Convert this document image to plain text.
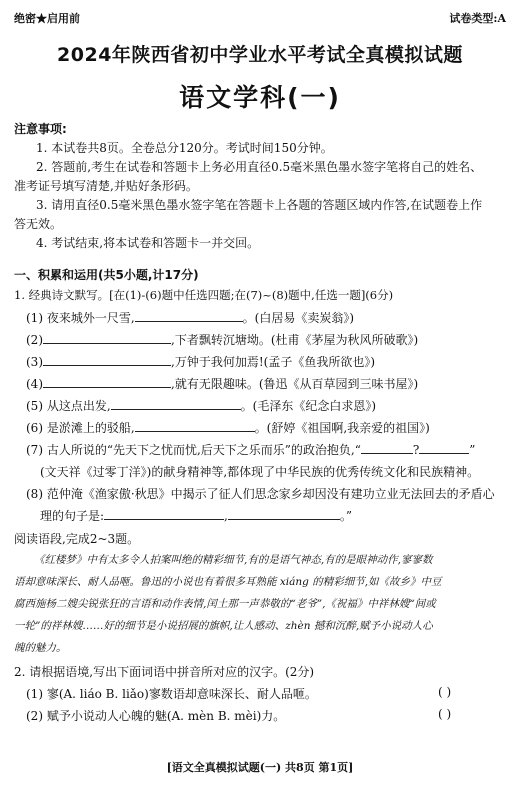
绝密★启用前	试卷类型:A
2024年陕西省初中学业水平考试全真模拟试题
语文学科(一)
注意事项:
1. 本试卷共8页。全卷总分120分。考试时间150分钟。
2. 答题前,考生在试卷和答题卡上务必用直径0.5毫米黑色墨水签字笔将自己的姓名、
准考证号填写清楚,并贴好条形码。
3. 请用直径0.5毫米黑色墨水签字笔在答题卡上各题的答题区域内作答,在试题卷上作
答无效。
4. 考试结束,将本试卷和答题卡一并交回。
一、积累和运用(共5小题,计17分)
1. 经典诗文默写。[在(1)-(6)题中任选四题;在(7)~(8)题中,任选一题](6分)
(1) 夜来城外一尺雪,	。(白居易《卖炭翁》)
(2)	,下者飘转沉塘坳。(杜甫《茅屋为秋风所破歌》)
(3)	,万钟于我何加焉!(孟子《鱼我所欲也》)
(4)	,就有无限趣味。(鲁迅《从百草园到三味书屋》)
(5) 从这点出发,	。(毛泽东《纪念白求恩》)
(6) 是淤滩上的驳船,	。(舒婷《祖国啊,我亲爱的祖国》)
(7) 古人所说的“先天下之忧而忧,后天下之乐而乐”的政治抱负,“	?	”
(文天祥《过零丁洋》)的献身精神等,都体现了中华民族的优秀传统文化和民族精神。
(8) 范仲淹《渔家傲·秋思》中揭示了征人们思念家乡却因没有建功立业无法回去的矛盾心
理的句子是:	,	。”
阅读语段,完成2~3题。
《红楼梦》中有太多令人拍案叫绝的精彩细节,有的是语气神态,有的是眼神动作,寥寥数
语却意味深长、耐人品咂。鲁迅的小说也有着很多耳熟能 xiáng 的精彩细节,如《故乡》中豆
腐西施杨二嫂尖锐张狂的言语和动作表情,闰土那一声恭敬的“老爷”,《祝福》中祥林嫂“间或
一轮”的祥林嫂……好的细节是小说招展的旗帜,让人感动、zhèn 撼和沉醉,赋予小说动人心
魄的魅力。
2. 请根据语境,写出下面词语中拼音所对应的汉字。(2分)
(1) 寥(A. liáo B. liǎo)寥数语却意味深长、耐人品咂。	( )
(2) 赋予小说动人心魄的魅(A. mèn B. mèi)力。	( )
[语文全真模拟试题(一) 共8页 第1页]
